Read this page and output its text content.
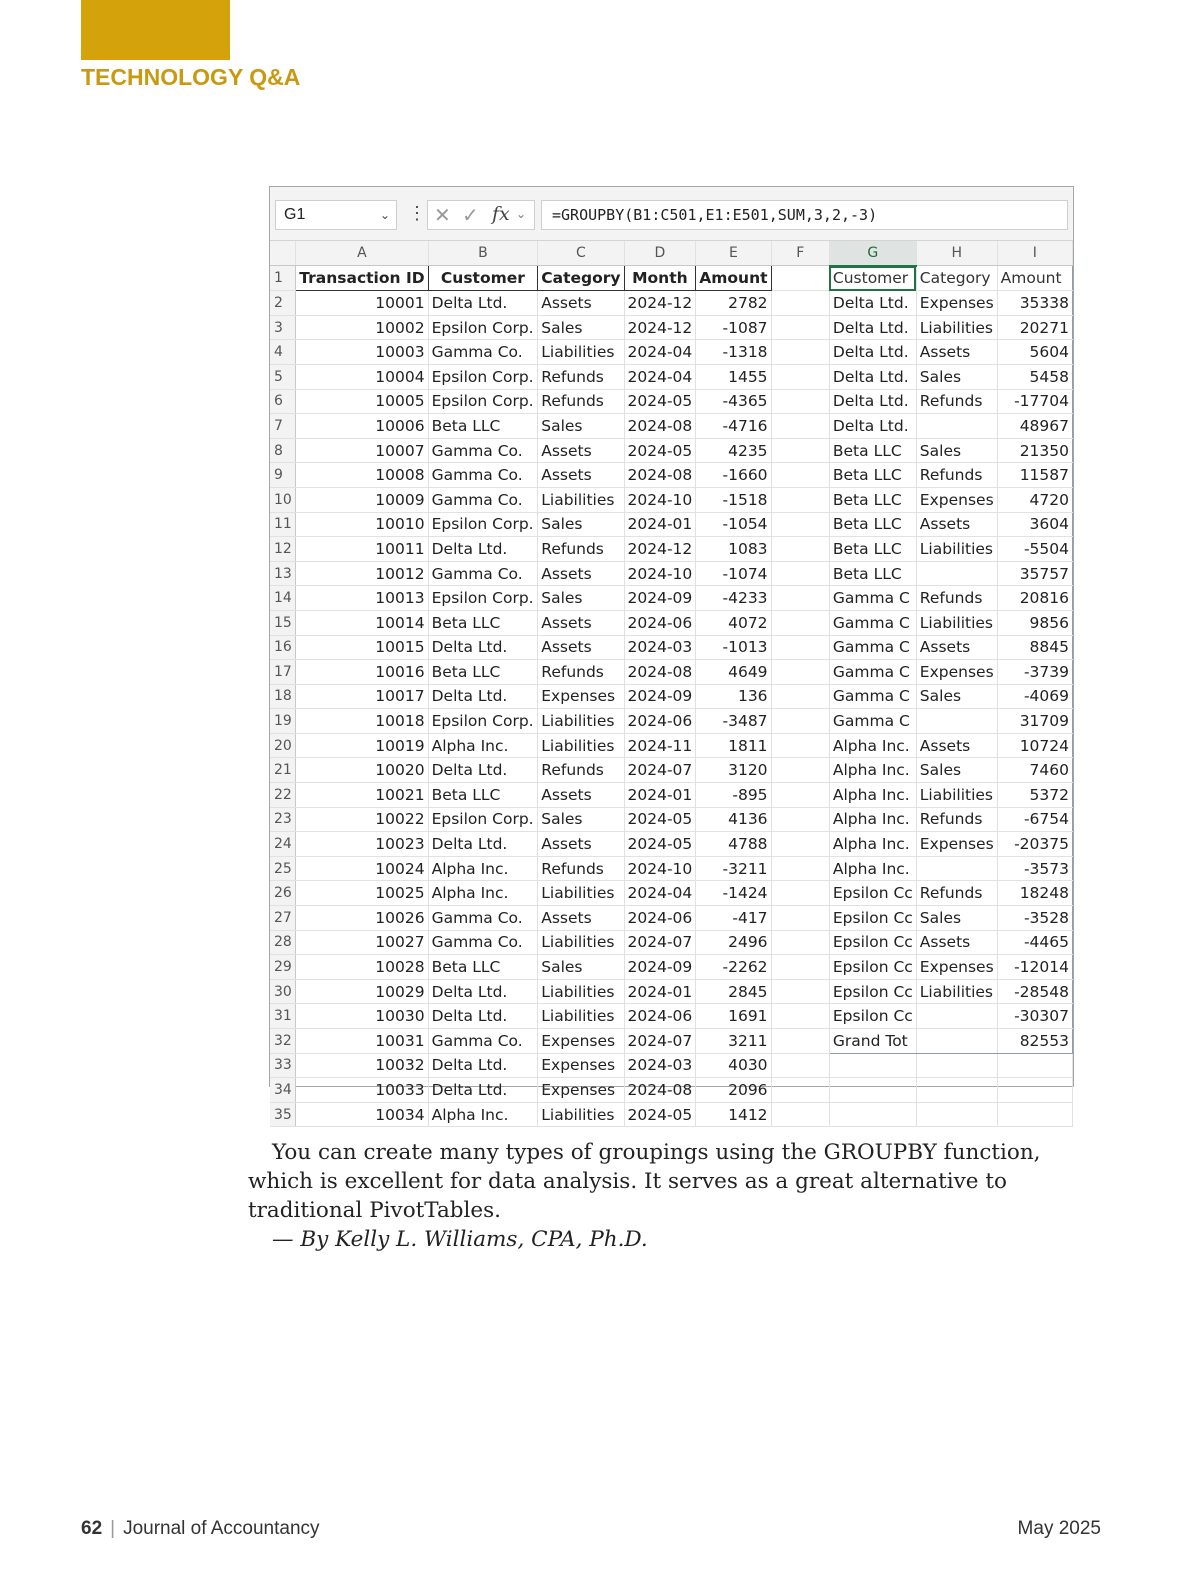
TECHNOLOGY Q&A
G1	⌄ ⋮ ✕ ✓ fx ⌄	=GROUPBY(B1:C501,E1:E501,SUM,3,2,-3)
	A	B	C	D	E	F	G	H	I
1	Transaction ID	Customer	Category	Month	Amount		Customer	Category	Amount
2	10001	Delta Ltd.	Assets	2024-12	2782		Delta Ltd.	Expenses	35338
3	10002	Epsilon Corp.	Sales	2024-12	-1087		Delta Ltd.	Liabilities	20271
4	10003	Gamma Co.	Liabilities	2024-04	-1318		Delta Ltd.	Assets	5604
5	10004	Epsilon Corp.	Refunds	2024-04	1455		Delta Ltd.	Sales	5458
6	10005	Epsilon Corp.	Refunds	2024-05	-4365		Delta Ltd.	Refunds	-17704
7	10006	Beta LLC	Sales	2024-08	-4716		Delta Ltd.		48967
8	10007	Gamma Co.	Assets	2024-05	4235		Beta LLC	Sales	21350
9	10008	Gamma Co.	Assets	2024-08	-1660		Beta LLC	Refunds	11587
10	10009	Gamma Co.	Liabilities	2024-10	-1518		Beta LLC	Expenses	4720
11	10010	Epsilon Corp.	Sales	2024-01	-1054		Beta LLC	Assets	3604
12	10011	Delta Ltd.	Refunds	2024-12	1083		Beta LLC	Liabilities	-5504
13	10012	Gamma Co.	Assets	2024-10	-1074		Beta LLC		35757
14	10013	Epsilon Corp.	Sales	2024-09	-4233		Gamma C	Refunds	20816
15	10014	Beta LLC	Assets	2024-06	4072		Gamma C	Liabilities	9856
16	10015	Delta Ltd.	Assets	2024-03	-1013		Gamma C	Assets	8845
17	10016	Beta LLC	Refunds	2024-08	4649		Gamma C	Expenses	-3739
18	10017	Delta Ltd.	Expenses	2024-09	136		Gamma C	Sales	-4069
19	10018	Epsilon Corp.	Liabilities	2024-06	-3487		Gamma C		31709
20	10019	Alpha Inc.	Liabilities	2024-11	1811		Alpha Inc.	Assets	10724
21	10020	Delta Ltd.	Refunds	2024-07	3120		Alpha Inc.	Sales	7460
22	10021	Beta LLC	Assets	2024-01	-895		Alpha Inc.	Liabilities	5372
23	10022	Epsilon Corp.	Sales	2024-05	4136		Alpha Inc.	Refunds	-6754
24	10023	Delta Ltd.	Assets	2024-05	4788		Alpha Inc.	Expenses	-20375
25	10024	Alpha Inc.	Refunds	2024-10	-3211		Alpha Inc.		-3573
26	10025	Alpha Inc.	Liabilities	2024-04	-1424		Epsilon Cc	Refunds	18248
27	10026	Gamma Co.	Assets	2024-06	-417		Epsilon Cc	Sales	-3528
28	10027	Gamma Co.	Liabilities	2024-07	2496		Epsilon Cc	Assets	-4465
29	10028	Beta LLC	Sales	2024-09	-2262		Epsilon Cc	Expenses	-12014
30	10029	Delta Ltd.	Liabilities	2024-01	2845		Epsilon Cc	Liabilities	-28548
31	10030	Delta Ltd.	Liabilities	2024-06	1691		Epsilon Cc		-30307
32	10031	Gamma Co.	Expenses	2024-07	3211		Grand Tot		82553
33	10032	Delta Ltd.	Expenses	2024-03	4030				
34	10033	Delta Ltd.	Expenses	2024-08	2096				
35	10034	Alpha Inc.	Liabilities	2024-05	1412				

You can create many types of groupings using the GROUPBY function, which is excellent for data analysis. It serves as a great alternative to traditional PivotTables.

— By Kelly L. Williams, CPA, Ph.D.

62 | Journal of Accountancy	May 2025
